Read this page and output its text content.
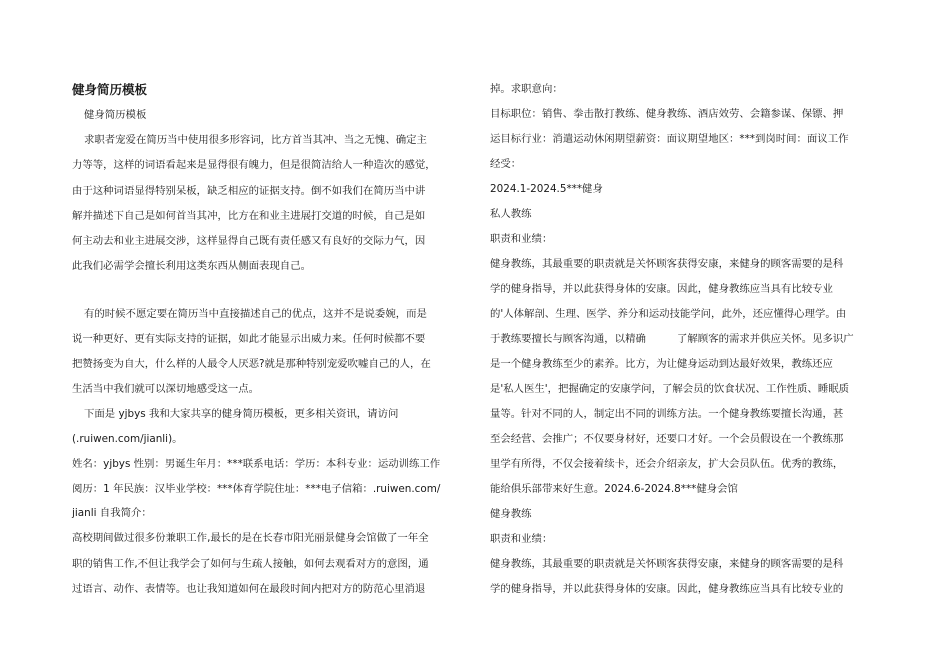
健身简历模板
健身简历模板
求职者宠爱在简历当中使用很多形容词，比方首当其冲、当之无愧、确定主
力等等，这样的词语看起来是显得很有魄力，但是很简洁给人一种造次的感觉，
由于这种词语显得特别呆板，缺乏相应的证据支持。倒不如我们在简历当中讲
解并描述下自己是如何首当其冲，比方在和业主进展打交道的时候，自己是如
何主动去和业主进展交涉，这样显得自己既有责任感又有良好的交际力气，因
此我们必需学会擅长利用这类东西从侧面表现自己。
有的时候不愿定要在简历当中直接描述自己的优点，这并不是说委婉，而是
说一种更好、更有实际支持的证据，如此才能显示出威力来。任何时候都不要
把赞扬变为自大，什么样的人最令人厌恶?就是那种特别宠爱吹嘘自己的人，在
生活当中我们就可以深切地感受这一点。
下面是 yjbys 我和大家共享的健身简历模板，更多相关资讯，请访问
(.ruiwen.com/jianli)。
姓名：yjbys 性别：男诞生年月：***联系电话：学历：本科专业：运动训练工作
阅历：1 年民族：汉毕业学校：***体育学院住址：***电子信箱：.ruiwen.com/
jianli 自我简介：
高校期间做过很多份兼职工作,最长的是在长春市阳光丽景健身会馆做了一年全
职的销售工作,不但让我学会了如何与生疏人接触，如何去观看对方的意图，通
过语言、动作、表情等。也让我知道如何在最段时间内把对方的防范心里消退
掉。求职意向：
目标职位：销售、拳击散打教练、健身教练、酒店效劳、会籍参谋、保镖、押
运目标行业：消遣运动休闲期望薪资：面议期望地区：***到岗时间：面议工作
经受：
2024.1-2024.5***健身
私人教练
职责和业绩：
健身教练，其最重要的职责就是关怀顾客获得安康，来健身的顾客需要的是科
学的健身指导，并以此获得身体的安康。因此，健身教练应当具有比较专业
的'人体解剖、生理、医学、养分和运动技能学问，此外，还应懂得心理学。由
于教练要擅长与顾客沟通，以精确　　　了解顾客的需求并供应关怀。见多识广
是一个健身教练至少的素养。比方，为让健身运动到达最好效果，教练还应
是'私人医生'，把握确定的安康学问，了解会员的饮食状况、工作性质、睡眠质
量等。针对不同的人，制定出不同的训练方法。一个健身教练要擅长沟通，甚
至会经营、会推广；不仅要身材好，还要口才好。一个会员假设在一个教练那
里学有所得，不仅会接着续卡，还会介绍亲友，扩大会员队伍。优秀的教练，
能给俱乐部带来好生意。2024.6-2024.8***健身会馆
健身教练
职责和业绩：
健身教练，其最重要的职责就是关怀顾客获得安康，来健身的顾客需要的是科
学的健身指导，并以此获得身体的安康。因此，健身教练应当具有比较专业的
